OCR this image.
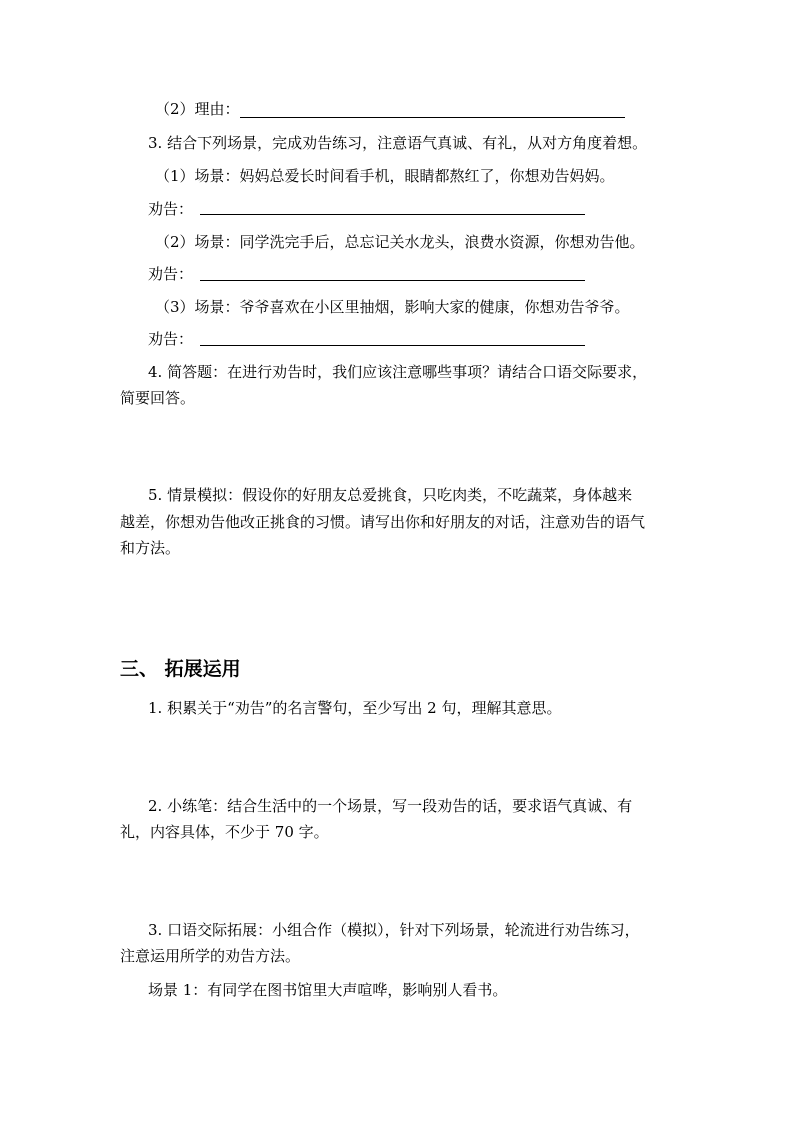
（2）理由：
3. 结合下列场景，完成劝告练习，注意语气真诚、有礼，从对方角度着想。
（1）场景：妈妈总爱长时间看手机，眼睛都熬红了，你想劝告妈妈。
劝告：
（2）场景：同学洗完手后，总忘记关水龙头，浪费水资源，你想劝告他。
劝告：
（3）场景：爷爷喜欢在小区里抽烟，影响大家的健康，你想劝告爷爷。
劝告：
4. 简答题：在进行劝告时，我们应该注意哪些事项？请结合口语交际要求，
简要回答。
5. 情景模拟：假设你的好朋友总爱挑食，只吃肉类，不吃蔬菜，身体越来
越差，你想劝告他改正挑食的习惯。请写出你和好朋友的对话，注意劝告的语气
和方法。
三、 拓展运用
1. 积累关于“劝告”的名言警句，至少写出 2 句，理解其意思。
2. 小练笔：结合生活中的一个场景，写一段劝告的话，要求语气真诚、有
礼，内容具体，不少于 70 字。
3. 口语交际拓展：小组合作（模拟），针对下列场景，轮流进行劝告练习，
注意运用所学的劝告方法。
场景 1：有同学在图书馆里大声喧哗，影响别人看书。
